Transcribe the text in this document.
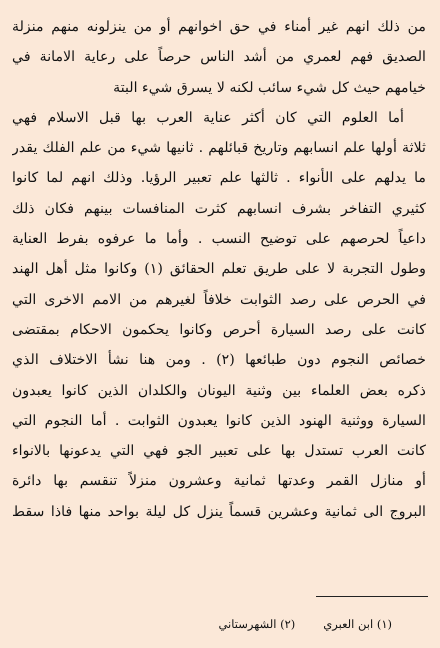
من ذلك انهم غير أمناء في حق اخوانهم أو من ينزلونه منهم منزلة
الصديق فهم لعمري من أشد الناس حرصاً على رعاية الامانة في
خيامهم حيث كل شيء سائب لكنه لا يسرق شيء البتة
أما العلوم التي كان أكثر عناية العرب بها قبل الاسلام فهي
ثلاثة أولها علم انسابهم وتاريخ قبائلهم . ثانيها شيء من علم الفلك يقدر
ما يدلهم على الأنواء . ثالثها علم تعبير الرؤيا. وذلك انهم لما كانوا
كثيري التفاخر بشرف انسابهم كثرت المنافسات بينهم فكان ذلك
داعياً لحرصهم على توضيح النسب . وأما ما عرفوه بفرط العناية
وطول التجربة لا على طريق تعلم الحقائق (١) وكانوا مثل أهل الهند
في الحرص على رصد الثوابت خلافاً لغيرهم من الامم الاخرى التي
كانت على رصد السيارة أحرص وكانوا يحكمون الاحكام بمقتضى
خصائص النجوم دون طبائعها (٢) . ومن هنا نشأ الاختلاف الذي
ذكره بعض العلماء بين وثنية اليونان والكلدان الذين كانوا يعبدون
السيارة ووثنية الهنود الذين كانوا يعبدون الثوابت . أما النجوم التي
كانت العرب تستدل بها على تعبير الجو فهي التي يدعونها بالانواء
أو منازل القمر وعدتها ثمانية وعشرون منزلاً تنقسم بها دائرة
البروج الى ثمانية وعشرين قسماً ينزل كل ليلة بواحد منها فاذا سقط
(١) ابن العبري
(٢) الشهرستاني
